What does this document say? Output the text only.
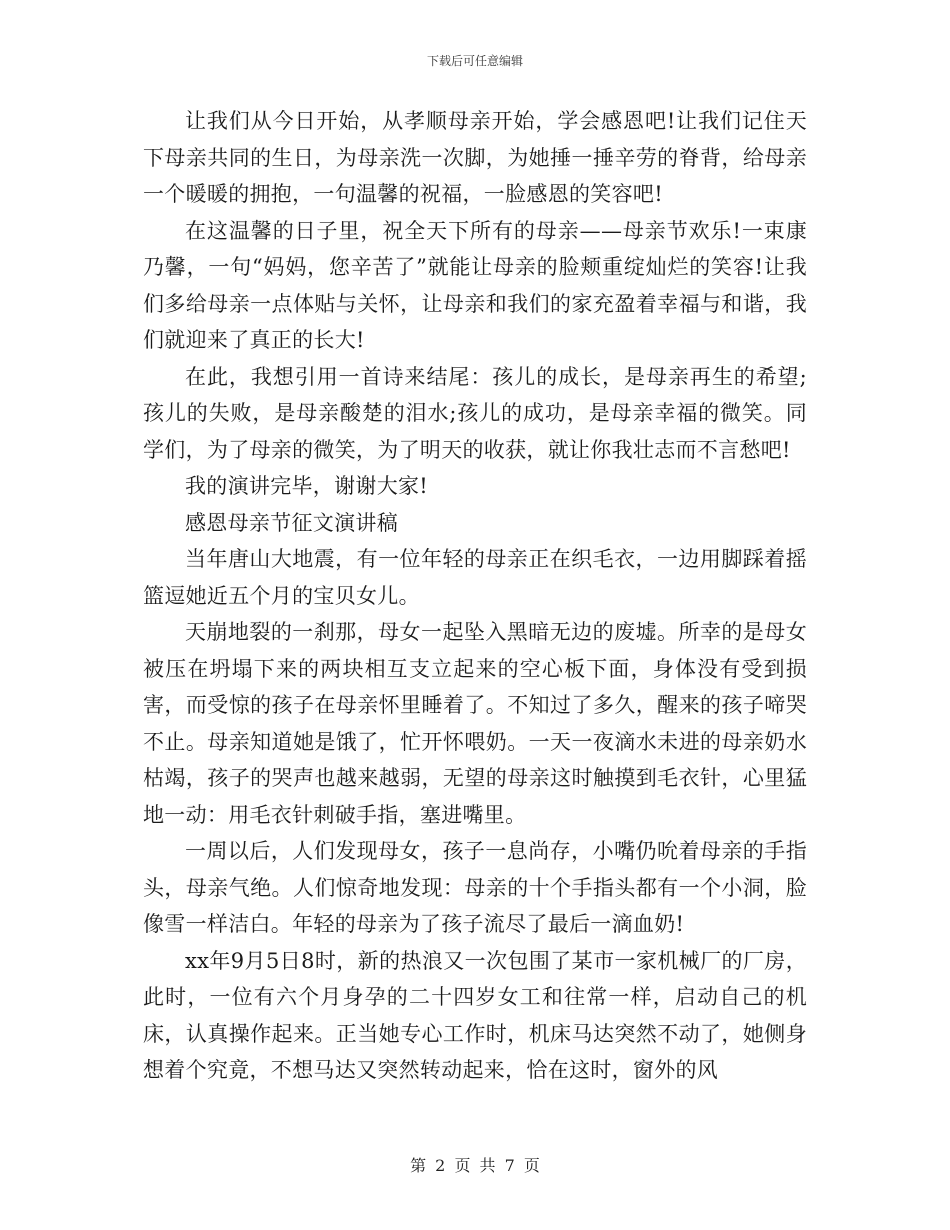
下载后可任意编辑

让我们从今日开始，从孝顺母亲开始，学会感恩吧!让我们记住天下母亲共同的生日，为母亲洗一次脚，为她捶一捶辛劳的脊背，给母亲一个暖暖的拥抱，一句温馨的祝福，一脸感恩的笑容吧!

在这温馨的日子里，祝全天下所有的母亲——母亲节欢乐!一束康乃馨，一句“妈妈，您辛苦了”就能让母亲的脸颊重绽灿烂的笑容!让我们多给母亲一点体贴与关怀，让母亲和我们的家充盈着幸福与和谐，我们就迎来了真正的长大!

在此，我想引用一首诗来结尾：孩儿的成长，是母亲再生的希望;孩儿的失败，是母亲酸楚的泪水;孩儿的成功，是母亲幸福的微笑。同学们，为了母亲的微笑，为了明天的收获，就让你我壮志而不言愁吧!

我的演讲完毕，谢谢大家!

感恩母亲节征文演讲稿

当年唐山大地震，有一位年轻的母亲正在织毛衣，一边用脚踩着摇篮逗她近五个月的宝贝女儿。

天崩地裂的一刹那，母女一起坠入黑暗无边的废墟。所幸的是母女被压在坍塌下来的两块相互支立起来的空心板下面，身体没有受到损害，而受惊的孩子在母亲怀里睡着了。不知过了多久，醒来的孩子啼哭不止。母亲知道她是饿了，忙开怀喂奶。一天一夜滴水未进的母亲奶水枯竭，孩子的哭声也越来越弱，无望的母亲这时触摸到毛衣针，心里猛地一动：用毛衣针刺破手指，塞进嘴里。

一周以后，人们发现母女，孩子一息尚存，小嘴仍吮着母亲的手指头，母亲气绝。人们惊奇地发现：母亲的十个手指头都有一个小洞，脸像雪一样洁白。年轻的母亲为了孩子流尽了最后一滴血奶!

xx年9月5日8时，新的热浪又一次包围了某市一家机械厂的厂房，此时，一位有六个月身孕的二十四岁女工和往常一样，启动自己的机床，认真操作起来。正当她专心工作时，机床马达突然不动了，她侧身想着个究竟，不想马达又突然转动起来，恰在这时，窗外的风

第 2 页 共 7 页
